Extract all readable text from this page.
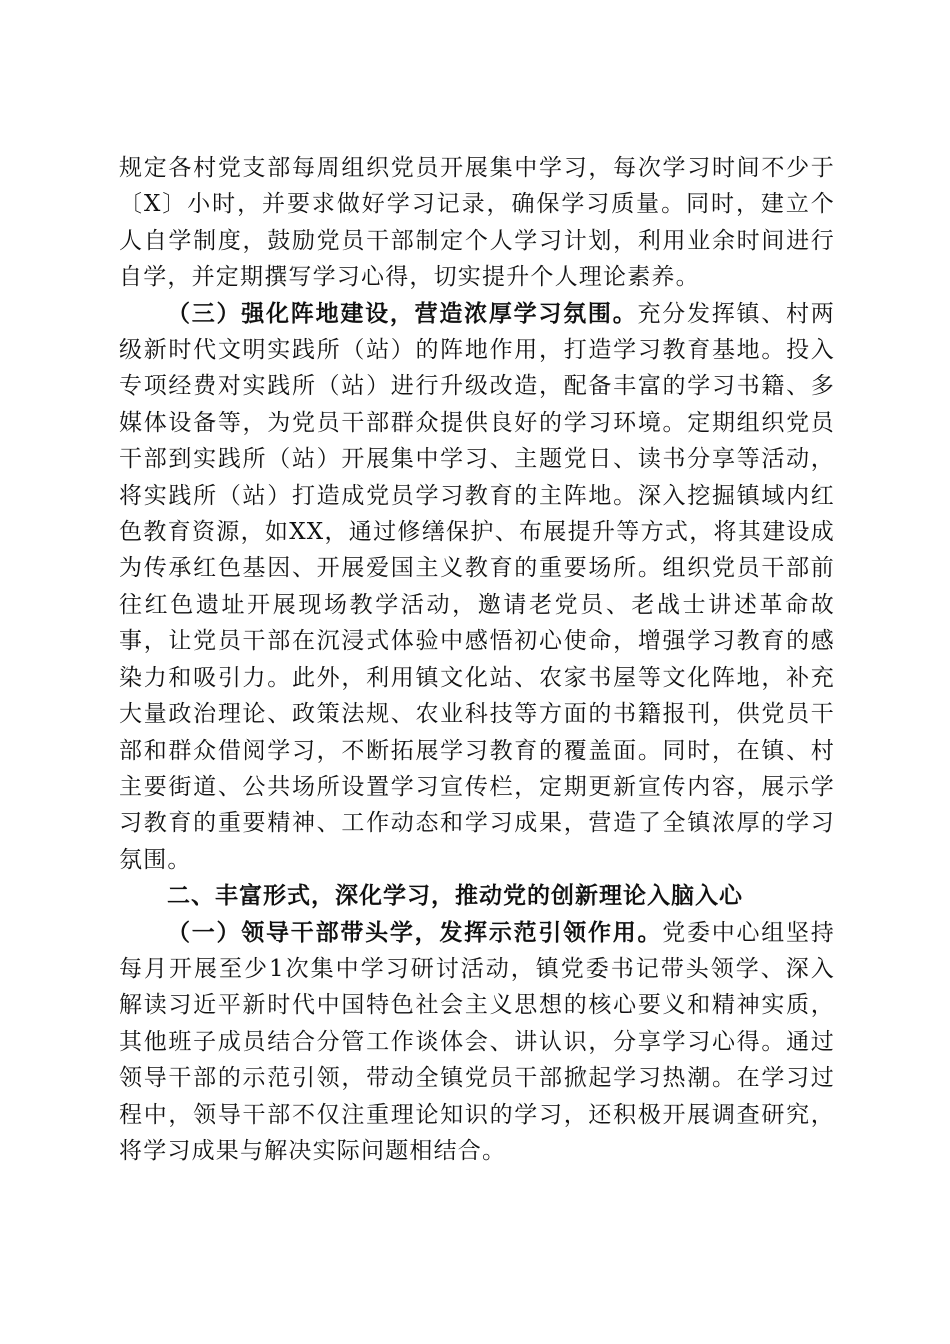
规定各村党支部每周组织党员开展集中学习，每次学习时间不少于〔X〕小时，并要求做好学习记录，确保学习质量。同时，建立个人自学制度，鼓励党员干部制定个人学习计划，利用业余时间进行自学，并定期撰写学习心得，切实提升个人理论素养。

（三）强化阵地建设，营造浓厚学习氛围。充分发挥镇、村两级新时代文明实践所（站）的阵地作用，打造学习教育基地。投入专项经费对实践所（站）进行升级改造，配备丰富的学习书籍、多媒体设备等，为党员干部群众提供良好的学习环境。定期组织党员干部到实践所（站）开展集中学习、主题党日、读书分享等活动，将实践所（站）打造成党员学习教育的主阵地。深入挖掘镇域内红色教育资源，如XX，通过修缮保护、布展提升等方式，将其建设成为传承红色基因、开展爱国主义教育的重要场所。组织党员干部前往红色遗址开展现场教学活动，邀请老党员、老战士讲述革命故事，让党员干部在沉浸式体验中感悟初心使命，增强学习教育的感染力和吸引力。此外，利用镇文化站、农家书屋等文化阵地，补充大量政治理论、政策法规、农业科技等方面的书籍报刊，供党员干部和群众借阅学习，不断拓展学习教育的覆盖面。同时，在镇、村主要街道、公共场所设置学习宣传栏，定期更新宣传内容，展示学习教育的重要精神、工作动态和学习成果，营造了全镇浓厚的学习氛围。

二、丰富形式，深化学习，推动党的创新理论入脑入心

（一）领导干部带头学，发挥示范引领作用。党委中心组坚持每月开展至少1次集中学习研讨活动，镇党委书记带头领学、深入解读习近平新时代中国特色社会主义思想的核心要义和精神实质，其他班子成员结合分管工作谈体会、讲认识，分享学习心得。通过领导干部的示范引领，带动全镇党员干部掀起学习热潮。在学习过程中，领导干部不仅注重理论知识的学习，还积极开展调查研究，将学习成果与解决实际问题相结合。
